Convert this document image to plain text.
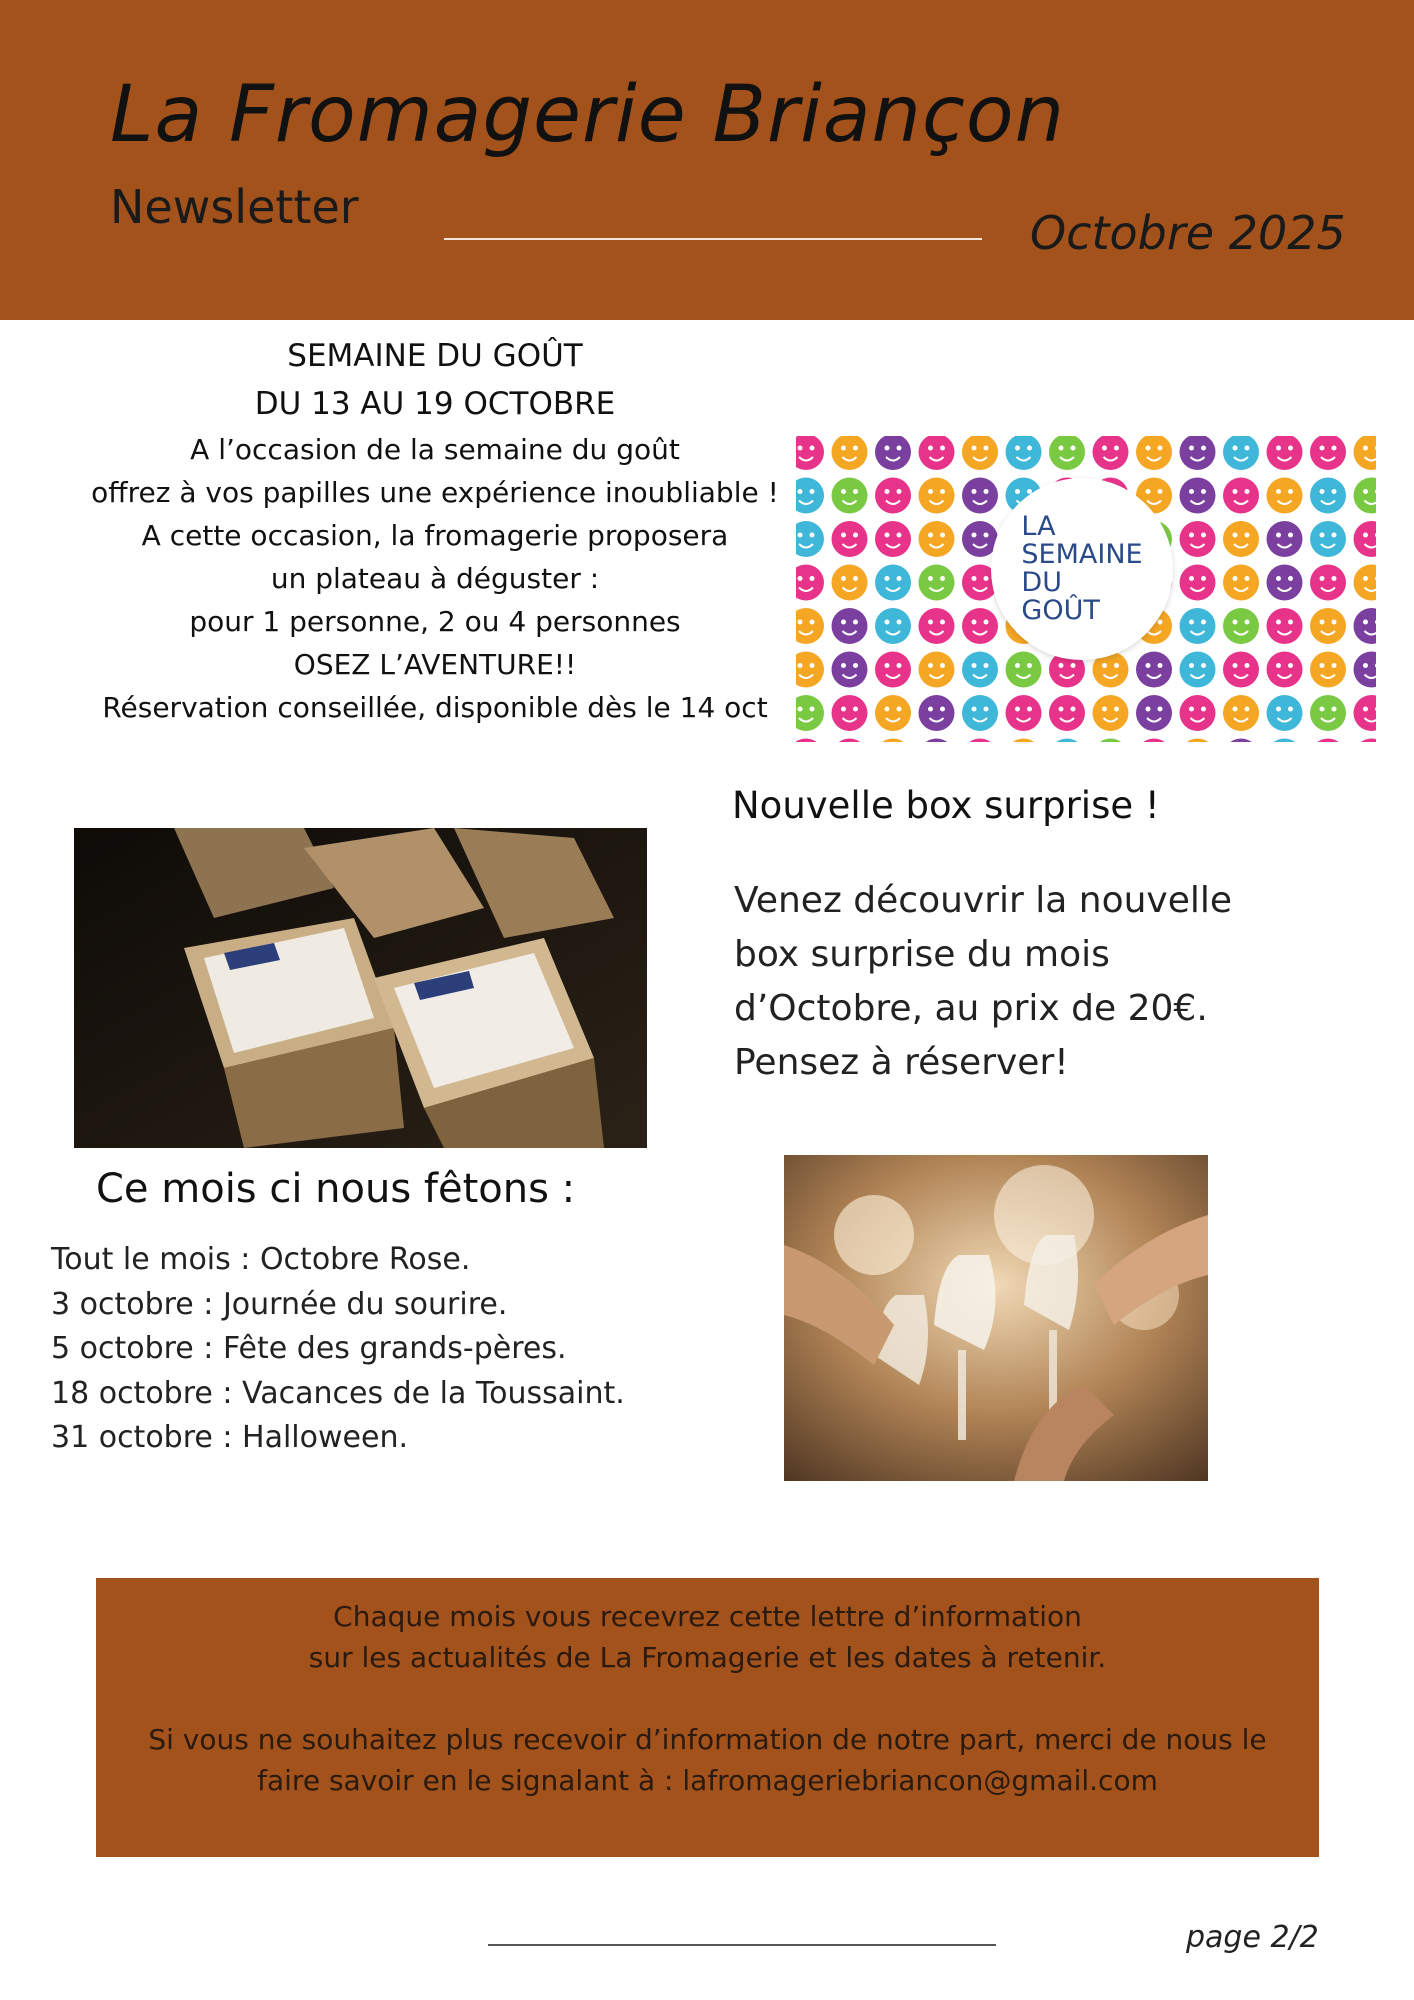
La Fromagerie Briançon
Newsletter	Octobre 2025
SEMAINE DU GOÛT
DU 13 AU 19 OCTOBRE
A l’occasion de la semaine du goût
offrez à vos papilles une expérience inoubliable !
A cette occasion, la fromagerie proposera
un plateau à déguster :
pour 1 personne, 2 ou 4 personnes
OSEZ L’AVENTURE!!
Réservation conseillée, disponible dès le 14 oct
LA
SEMAINE
DU
GOÛT
Nouvelle box surprise !
Venez découvrir la nouvelle
box surprise du mois
d’Octobre, au prix de 20€.
Pensez à réserver!
Ce mois ci nous fêtons :
Tout le mois : Octobre Rose.
3 octobre : Journée du sourire.
5 octobre : Fête des grands-pères.
18 octobre : Vacances de la Toussaint.
31 octobre : Halloween.
Chaque mois vous recevrez cette lettre d’information
sur les actualités de La Fromagerie et les dates à retenir.
Si vous ne souhaitez plus recevoir d’information de notre part, merci de nous le
faire savoir en le signalant à : lafromageriebriancon@gmail.com
page 2/2
